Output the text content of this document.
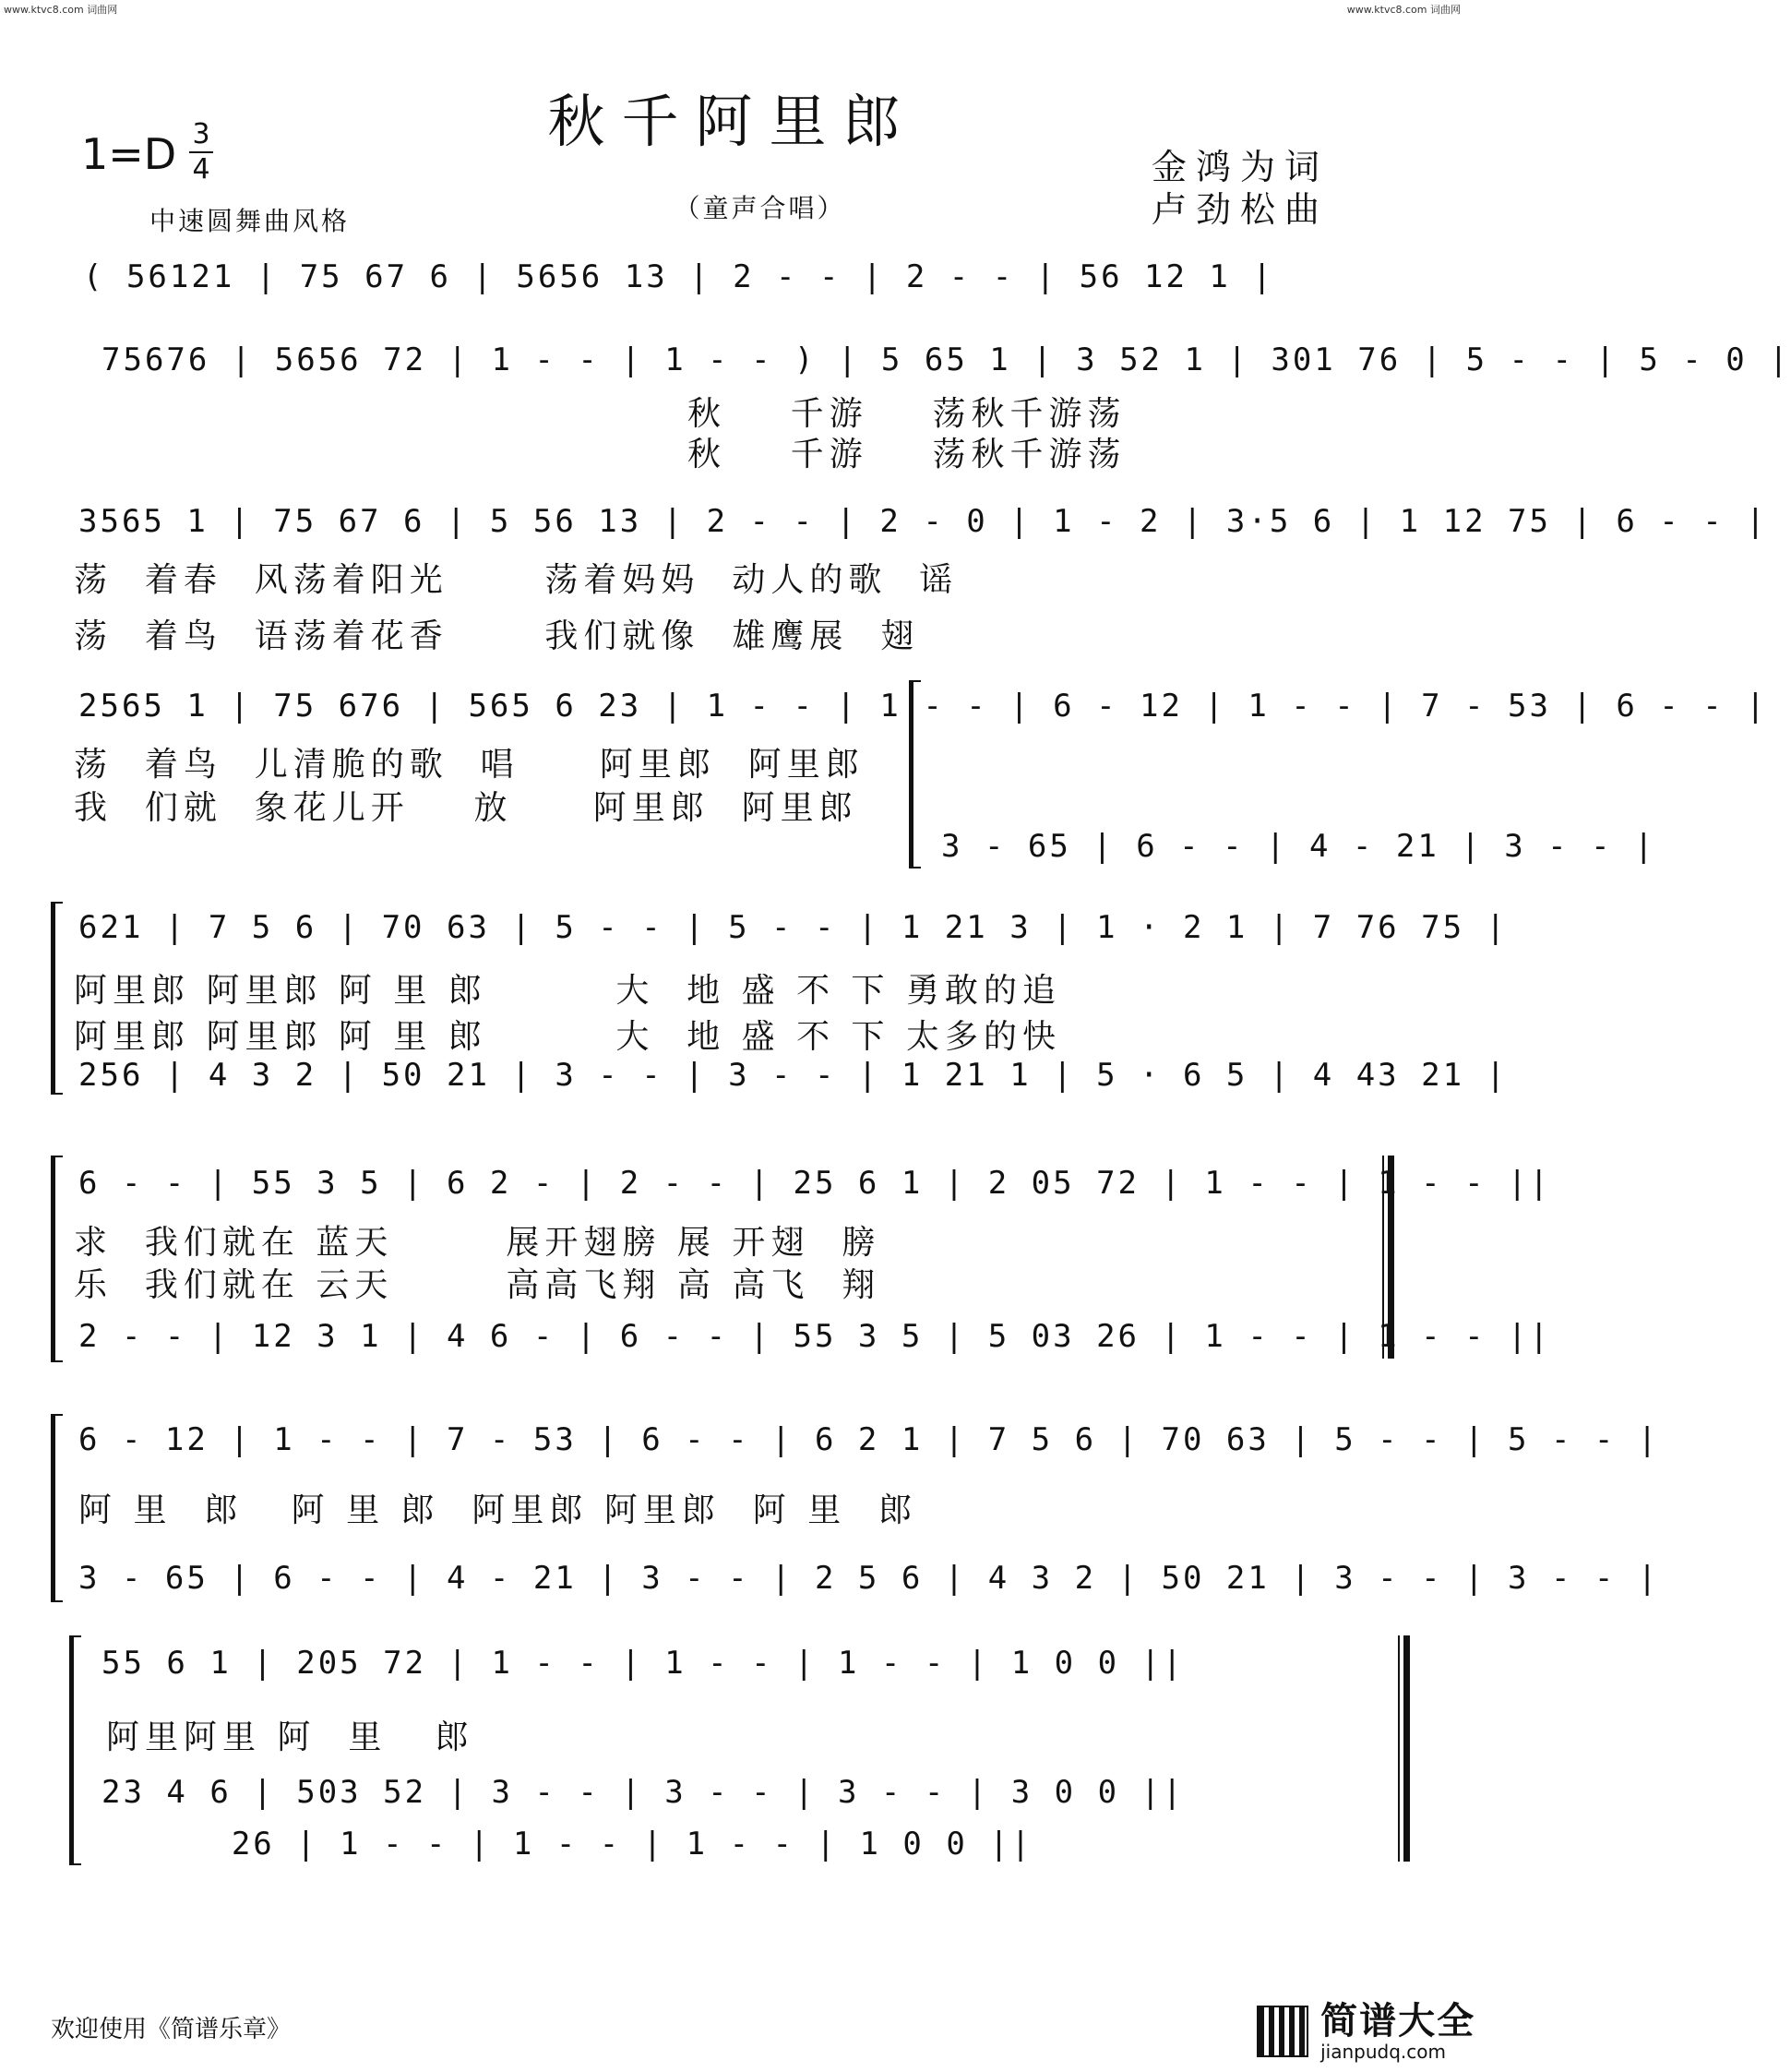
www.ktvc8.com 词曲网	www.ktvc8.com 词曲网
秋千阿里郎
1=D 3
4
中速圆舞曲风格	（童声合唱）
金鸿为词
卢劲松曲
( 56121 | 75 67 6 | 5656 13 | 2 - - | 2 - - | 56 12 1 |
75676 | 5656 72 | 1 - - | 1 - - ) | 5 65 1 | 3 52 1 | 301 76 | 5 - - | 5 - 0 |
秋    千游    荡秋千游荡
秋    千游    荡秋千游荡
3565 1 | 75 67 6 | 5 56 13 | 2 - - | 2 - 0 | 1 - 2 | 3·5 6 | 1 12 75 | 6 - - |
荡  着春  风荡着阳光      荡着妈妈  动人的歌  谣
荡  着鸟  语荡着花香      我们就像  雄鹰展  翅
2565 1 | 75 676 | 565 6 23 | 1 - - | 1 - - | 6 - 12 | 1 - - | 7 - 53 | 6 - - |
荡  着鸟  儿清脆的歌  唱     阿里郎  阿里郎
我  们就  象花儿开    放     阿里郎  阿里郎
3 - 65 | 6 - - | 4 - 21 | 3 - - |
621 | 7 5 6 | 70 63 | 5 - - | 5 - - | 1 21 3 | 1 · 2 1 | 7 76 75 |
阿里郎 阿里郎 阿 里 郎        大  地 盛 不 下 勇敢的追
阿里郎 阿里郎 阿 里 郎        大  地 盛 不 下 太多的快
256 | 4 3 2 | 50 21 | 3 - - | 3 - - | 1 21 1 | 5 · 6 5 | 4 43 21 |
6 - - | 55 3 5 | 6 2 - | 2 - - | 25 6 1 | 2 05 72 | 1 - - | 1 - - ||
求  我们就在 蓝天       展开翅膀 展 开翅  膀
乐  我们就在 云天       高高飞翔 高 高飞  翔
2 - - | 12 3 1 | 4 6 - | 6 - - | 55 3 5 | 5 03 26 | 1 - - | 1 - - ||
6 - 12 | 1 - - | 7 - 53 | 6 - - | 6 2 1 | 7 5 6 | 70 63 | 5 - - | 5 - - |
阿 里  郎   阿 里 郎  阿里郎 阿里郎  阿 里  郎
3 - 65 | 6 - - | 4 - 21 | 3 - - | 2 5 6 | 4 3 2 | 50 21 | 3 - - | 3 - - |
55 6 1 | 205 72 | 1 - - | 1 - - | 1 - - | 1 0 0 ||
阿里阿里 阿  里   郎
23 4 6 | 503 52 | 3 - - | 3 - - | 3 - - | 3 0 0 ||
26 | 1 - - | 1 - - | 1 - - | 1 0 0 ||
欢迎使用《简谱乐章》
	简谱大全
jianpudq.com
